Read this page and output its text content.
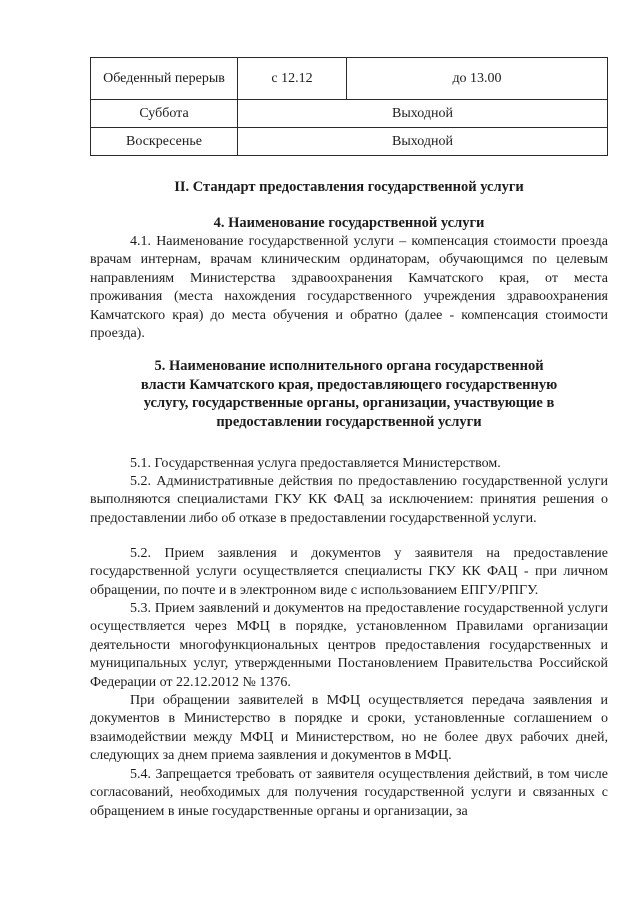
Обеденный перерыв	с 12.12	до 13.00
Суббота	Выходной	
Воскресенье	Выходной	

II. Стандарт предоставления государственной услуги

4. Наименование государственной услуги

4.1. Наименование государственной услуги – компенсация стоимости проезда врачам интернам, врачам клиническим ординаторам, обучающимся по целевым направлениям Министерства здравоохранения Камчатского края, от места проживания (места нахождения государственного учреждения здравоохранения Камчатского края) до места обучения и обратно (далее - компенсация стоимости проезда).

5. Наименование исполнительного органа государственной власти Камчатского края, предоставляющего государственную услугу, государственные органы, организации, участвующие в предоставлении государственной услуги

5.1. Государственная услуга предоставляется Министерством.

5.2. Административные действия по предоставлению государственной услуги выполняются специалистами ГКУ КК ФАЦ за исключением: принятия решения о предоставлении либо об отказе в предоставлении государственной услуги.

5.2. Прием заявления и документов у заявителя на предоставление государственной услуги осуществляется специалисты ГКУ КК ФАЦ - при личном обращении, по почте и в электронном виде с использованием ЕПГУ/РПГУ.

5.3. Прием заявлений и документов на предоставление государственной услуги осуществляется через МФЦ в порядке, установленном Правилами организации деятельности многофункциональных центров предоставления государственных и муниципальных услуг, утвержденными Постановлением Правительства Российской Федерации от 22.12.2012 № 1376.

При обращении заявителей в МФЦ осуществляется передача заявления и документов в Министерство в порядке и сроки, установленные соглашением о взаимодействии между МФЦ и Министерством, но не более двух рабочих дней, следующих за днем приема заявления и документов в МФЦ.

5.4. Запрещается требовать от заявителя осуществления действий, в том числе согласований, необходимых для получения государственной услуги и связанных с обращением в иные государственные органы и организации, за
